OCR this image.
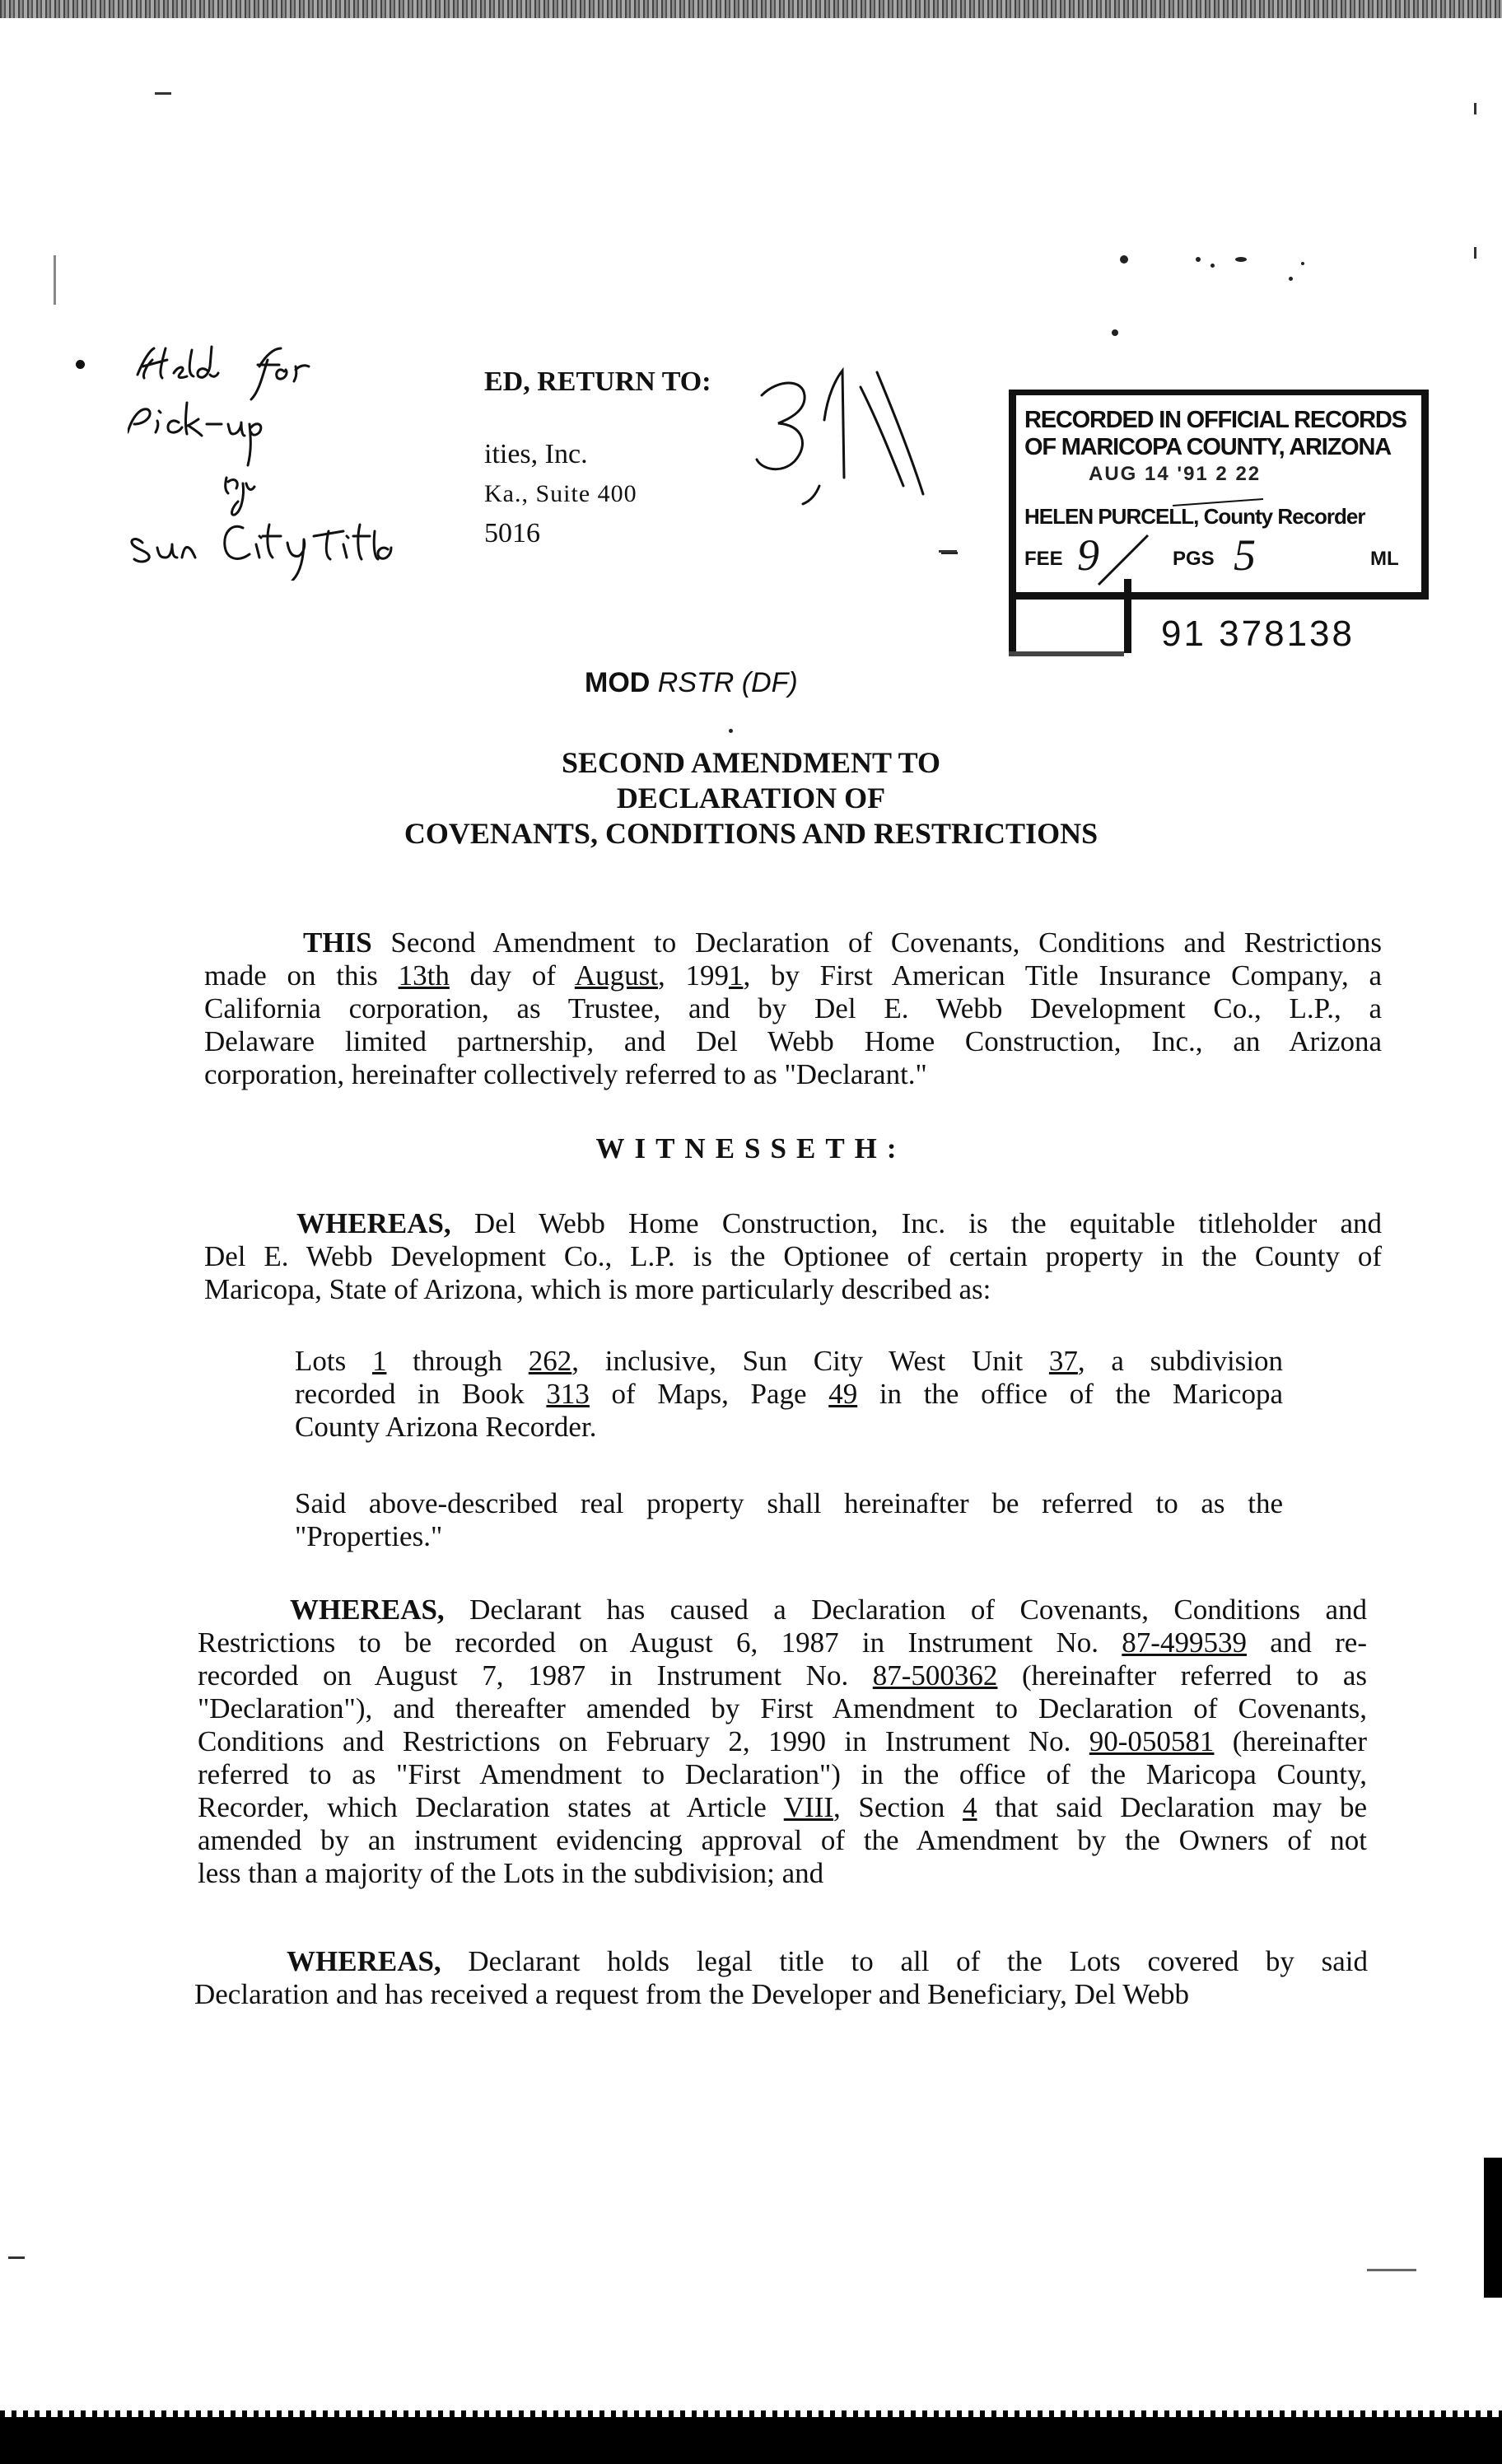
ED, RETURN TO:
ities, Inc.
Ka., Suite 400
5016
RECORDED IN OFFICIAL RECORDS
OF MARICOPA COUNTY, ARIZONA
AUG 14 '91 2 22
HELEN PURCELL, County Recorder
FEE 9	PGS 5	ML
91 378138
MOD RSTR (DF)
SECOND AMENDMENT TO
DECLARATION OF
COVENANTS, CONDITIONS AND RESTRICTIONS
THIS Second Amendment to Declaration of Covenants, Conditions and Restrictions
made on this 13th day of August, 1991, by First American Title Insurance Company, a
California corporation, as Trustee, and by Del E. Webb Development Co., L.P., a
Delaware limited partnership, and Del Webb Home Construction, Inc., an Arizona
corporation, hereinafter collectively referred to as "Declarant."
WITNESSETH:
WHEREAS, Del Webb Home Construction, Inc. is the equitable titleholder and
Del E. Webb Development Co., L.P. is the Optionee of certain property in the County of
Maricopa, State of Arizona, which is more particularly described as:
Lots 1 through 262, inclusive, Sun City West Unit 37, a subdivision
recorded in Book 313 of Maps, Page 49 in the office of the Maricopa
County Arizona Recorder.
Said above-described real property shall hereinafter be referred to as the
"Properties."
WHEREAS, Declarant has caused a Declaration of Covenants, Conditions and
Restrictions to be recorded on August 6, 1987 in Instrument No. 87-499539 and re-
recorded on August 7, 1987 in Instrument No. 87-500362 (hereinafter referred to as
"Declaration"), and thereafter amended by First Amendment to Declaration of Covenants,
Conditions and Restrictions on February 2, 1990 in Instrument No. 90-050581 (hereinafter
referred to as "First Amendment to Declaration") in the office of the Maricopa County,
Recorder, which Declaration states at Article VIII, Section 4 that said Declaration may be
amended by an instrument evidencing approval of the Amendment by the Owners of not
less than a majority of the Lots in the subdivision; and
WHEREAS, Declarant holds legal title to all of the Lots covered by said
Declaration and has received a request from the Developer and Beneficiary, Del Webb
